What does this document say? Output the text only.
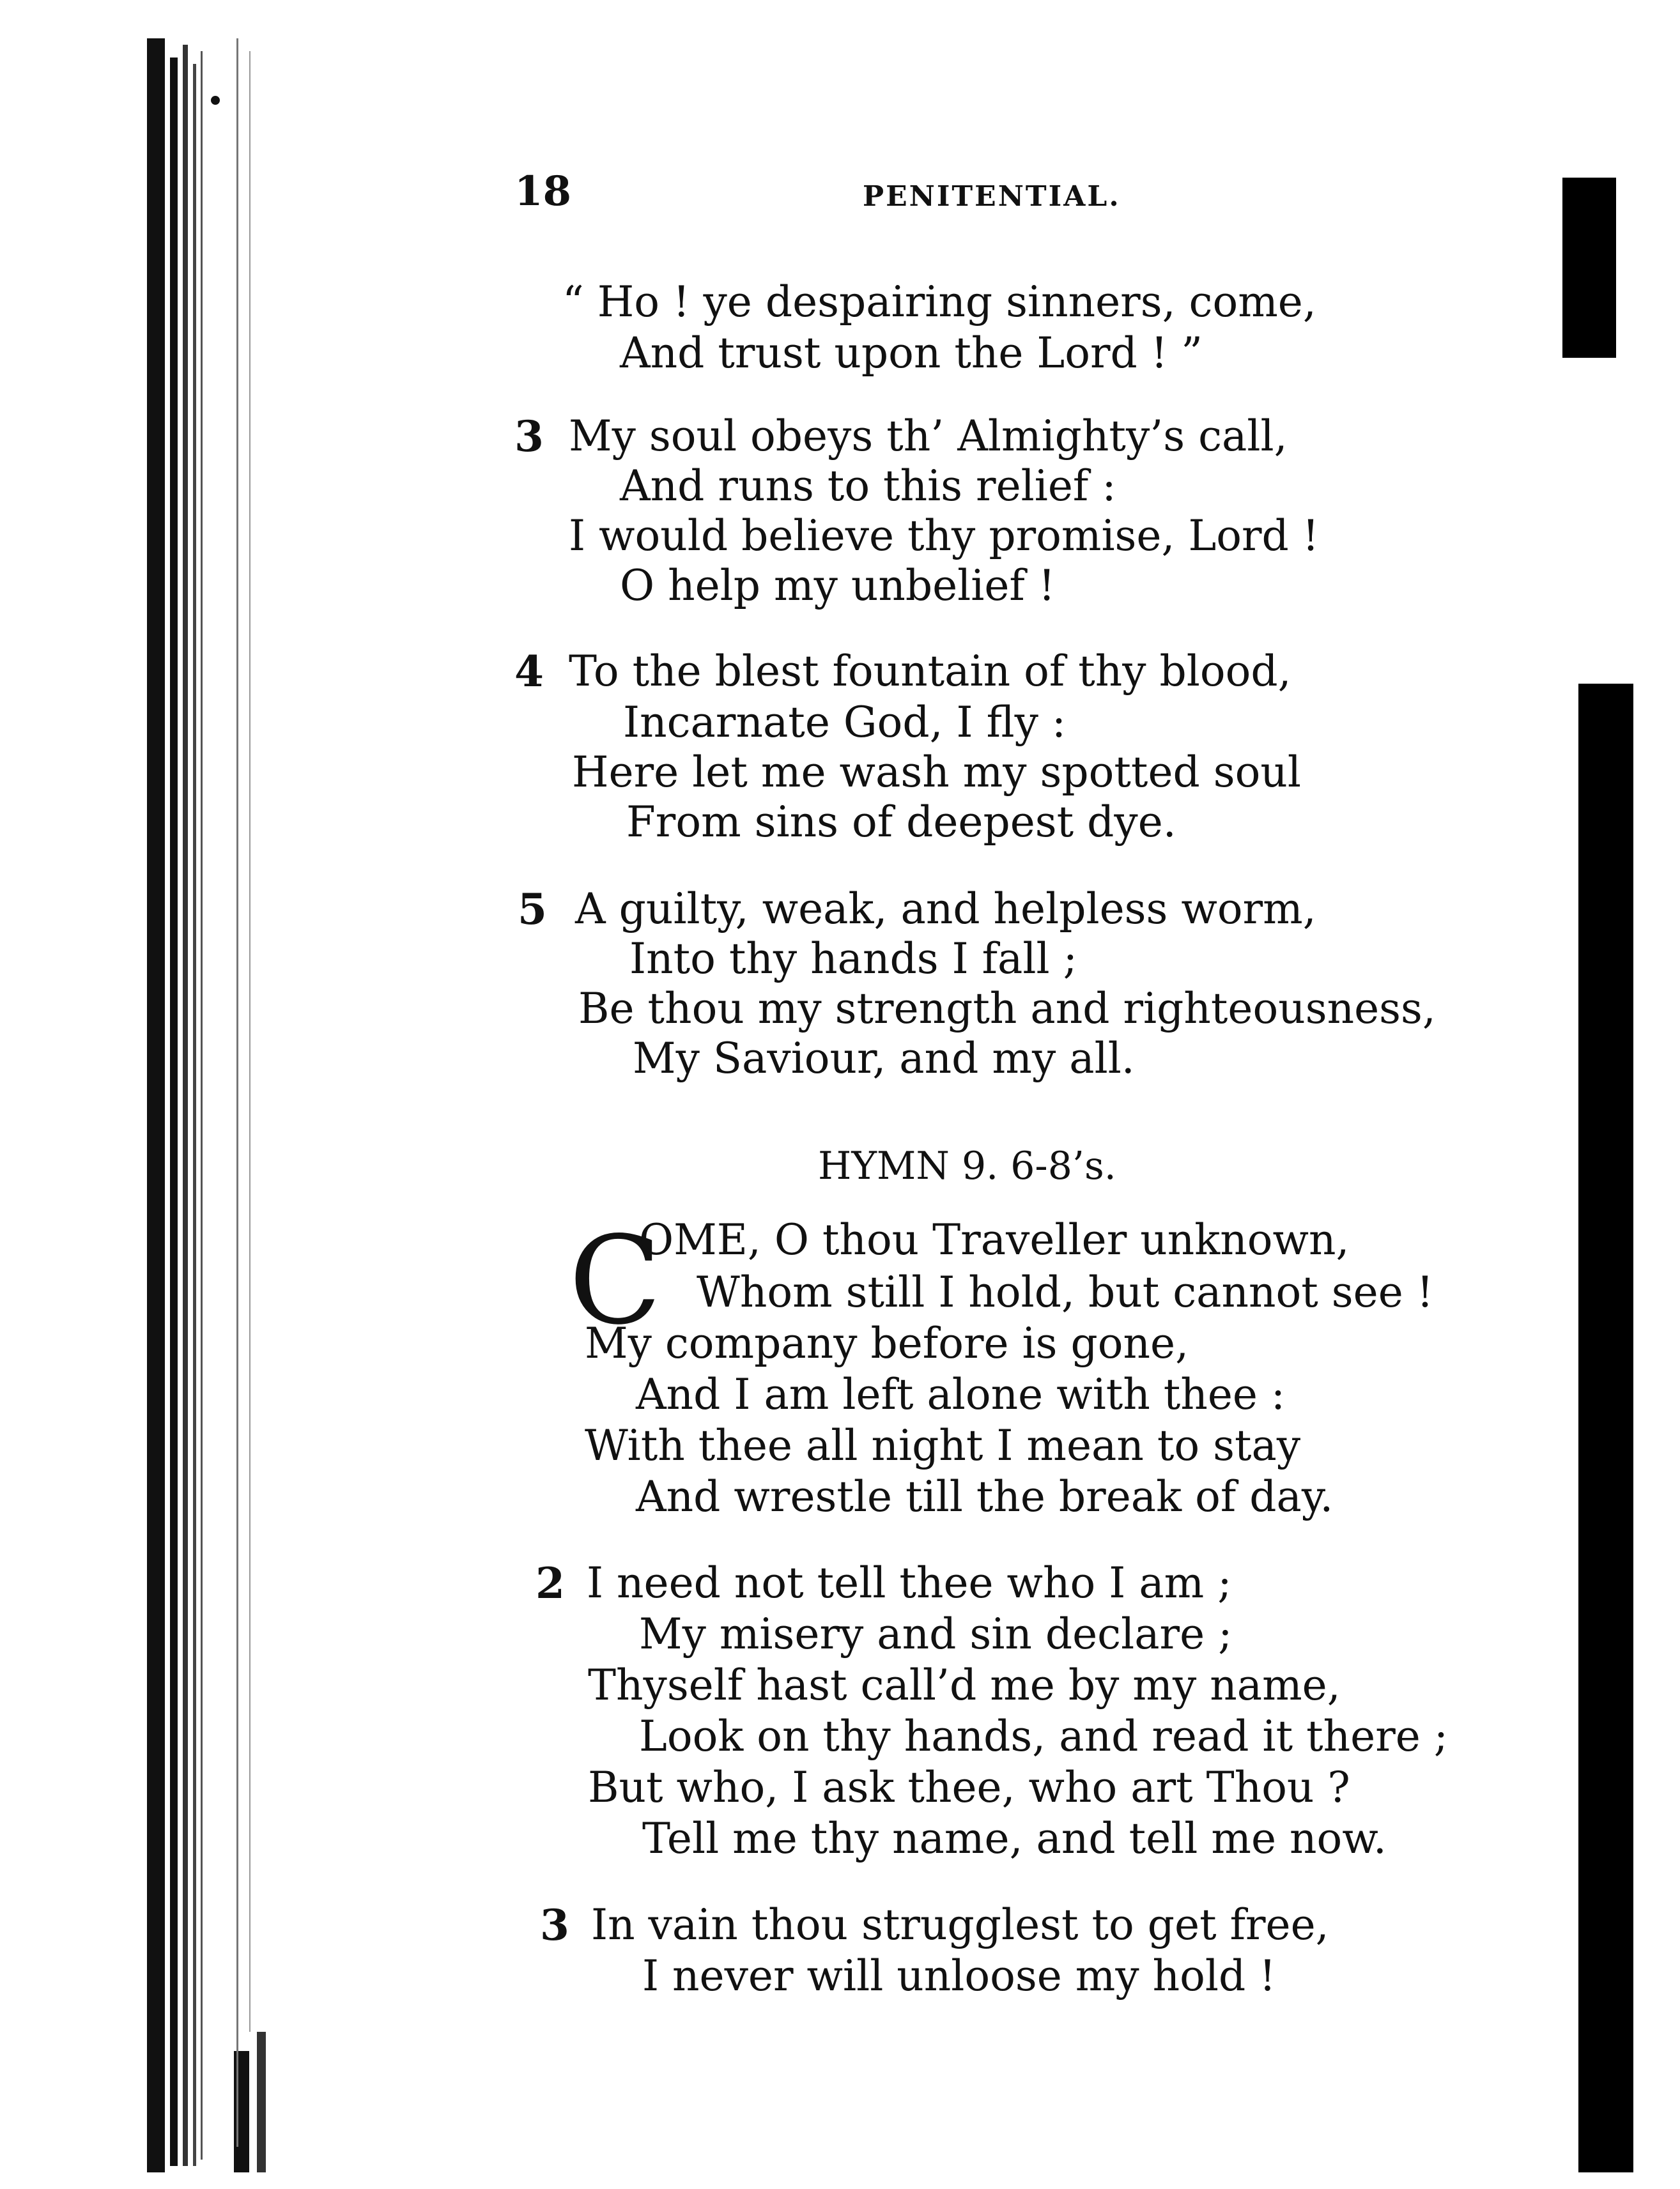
18	PENITENTIAL.
“ Ho ! ye despairing sinners, come,
And trust upon the Lord ! ”
3 My soul obeys th’ Almighty’s call,
And runs to this relief :
I would believe thy promise, Lord !
O help my unbelief !
4 To the blest fountain of thy blood,
Incarnate God, I fly :
Here let me wash my spotted soul
From sins of deepest dye.
5 A guilty, weak, and helpless worm,
Into thy hands I fall ;
Be thou my strength and righteousness,
My Saviour, and my all.
HYMN 9. 6-8’s.
C
OME, O thou Traveller unknown,
Whom still I hold, but cannot see !
My company before is gone,
And I am left alone with thee :
With thee all night I mean to stay
And wrestle till the break of day.
2 I need not tell thee who I am ;
My misery and sin declare ;
Thyself hast call’d me by my name,
Look on thy hands, and read it there ;
But who, I ask thee, who art Thou ?
Tell me thy name, and tell me now.
3 In vain thou strugglest to get free,
I never will unloose my hold !
